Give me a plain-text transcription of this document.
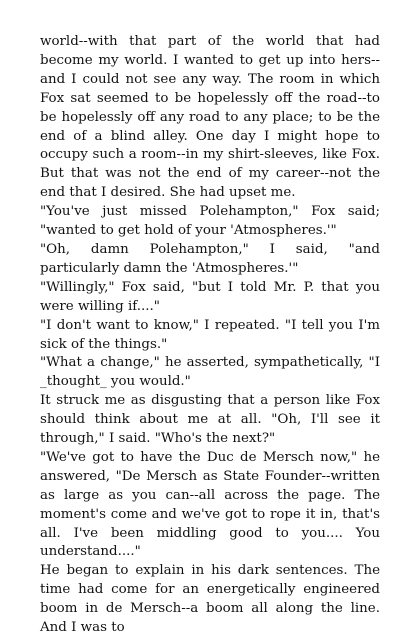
world--with that part of the world that had become my world. I wanted to get up into hers--and I could not see any way. The room in which Fox sat seemed to be hopelessly off the road--to be hopelessly off any road to any place; to be the end of a blind alley. One day I might hope to occupy such a room--in my shirt-sleeves, like Fox. But that was not the end of my career--not the end that I desired. She had upset me.

"You've just missed Polehampton," Fox said; "wanted to get hold of your 'Atmospheres.'"

"Oh, damn Polehampton," I said, "and particularly damn the 'Atmospheres.'"

"Willingly," Fox said, "but I told Mr. P. that you were willing if...."

"I don't want to know," I repeated. "I tell you I'm sick of the things."

"What a change," he asserted, sympathetically, "I _thought_ you would."

It struck me as disgusting that a person like Fox should think about me at all. "Oh, I'll see it through," I said. "Who's the next?"

"We've got to have the Duc de Mersch now," he answered, "De Mersch as State Founder--written as large as you can--all across the page. The moment's come and we've got to rope it in, that's all. I've been middling good to you.... You understand...."

He began to explain in his dark sentences. The time had come for an energetically engineered boom in de Mersch--a boom all along the line. And I was to
